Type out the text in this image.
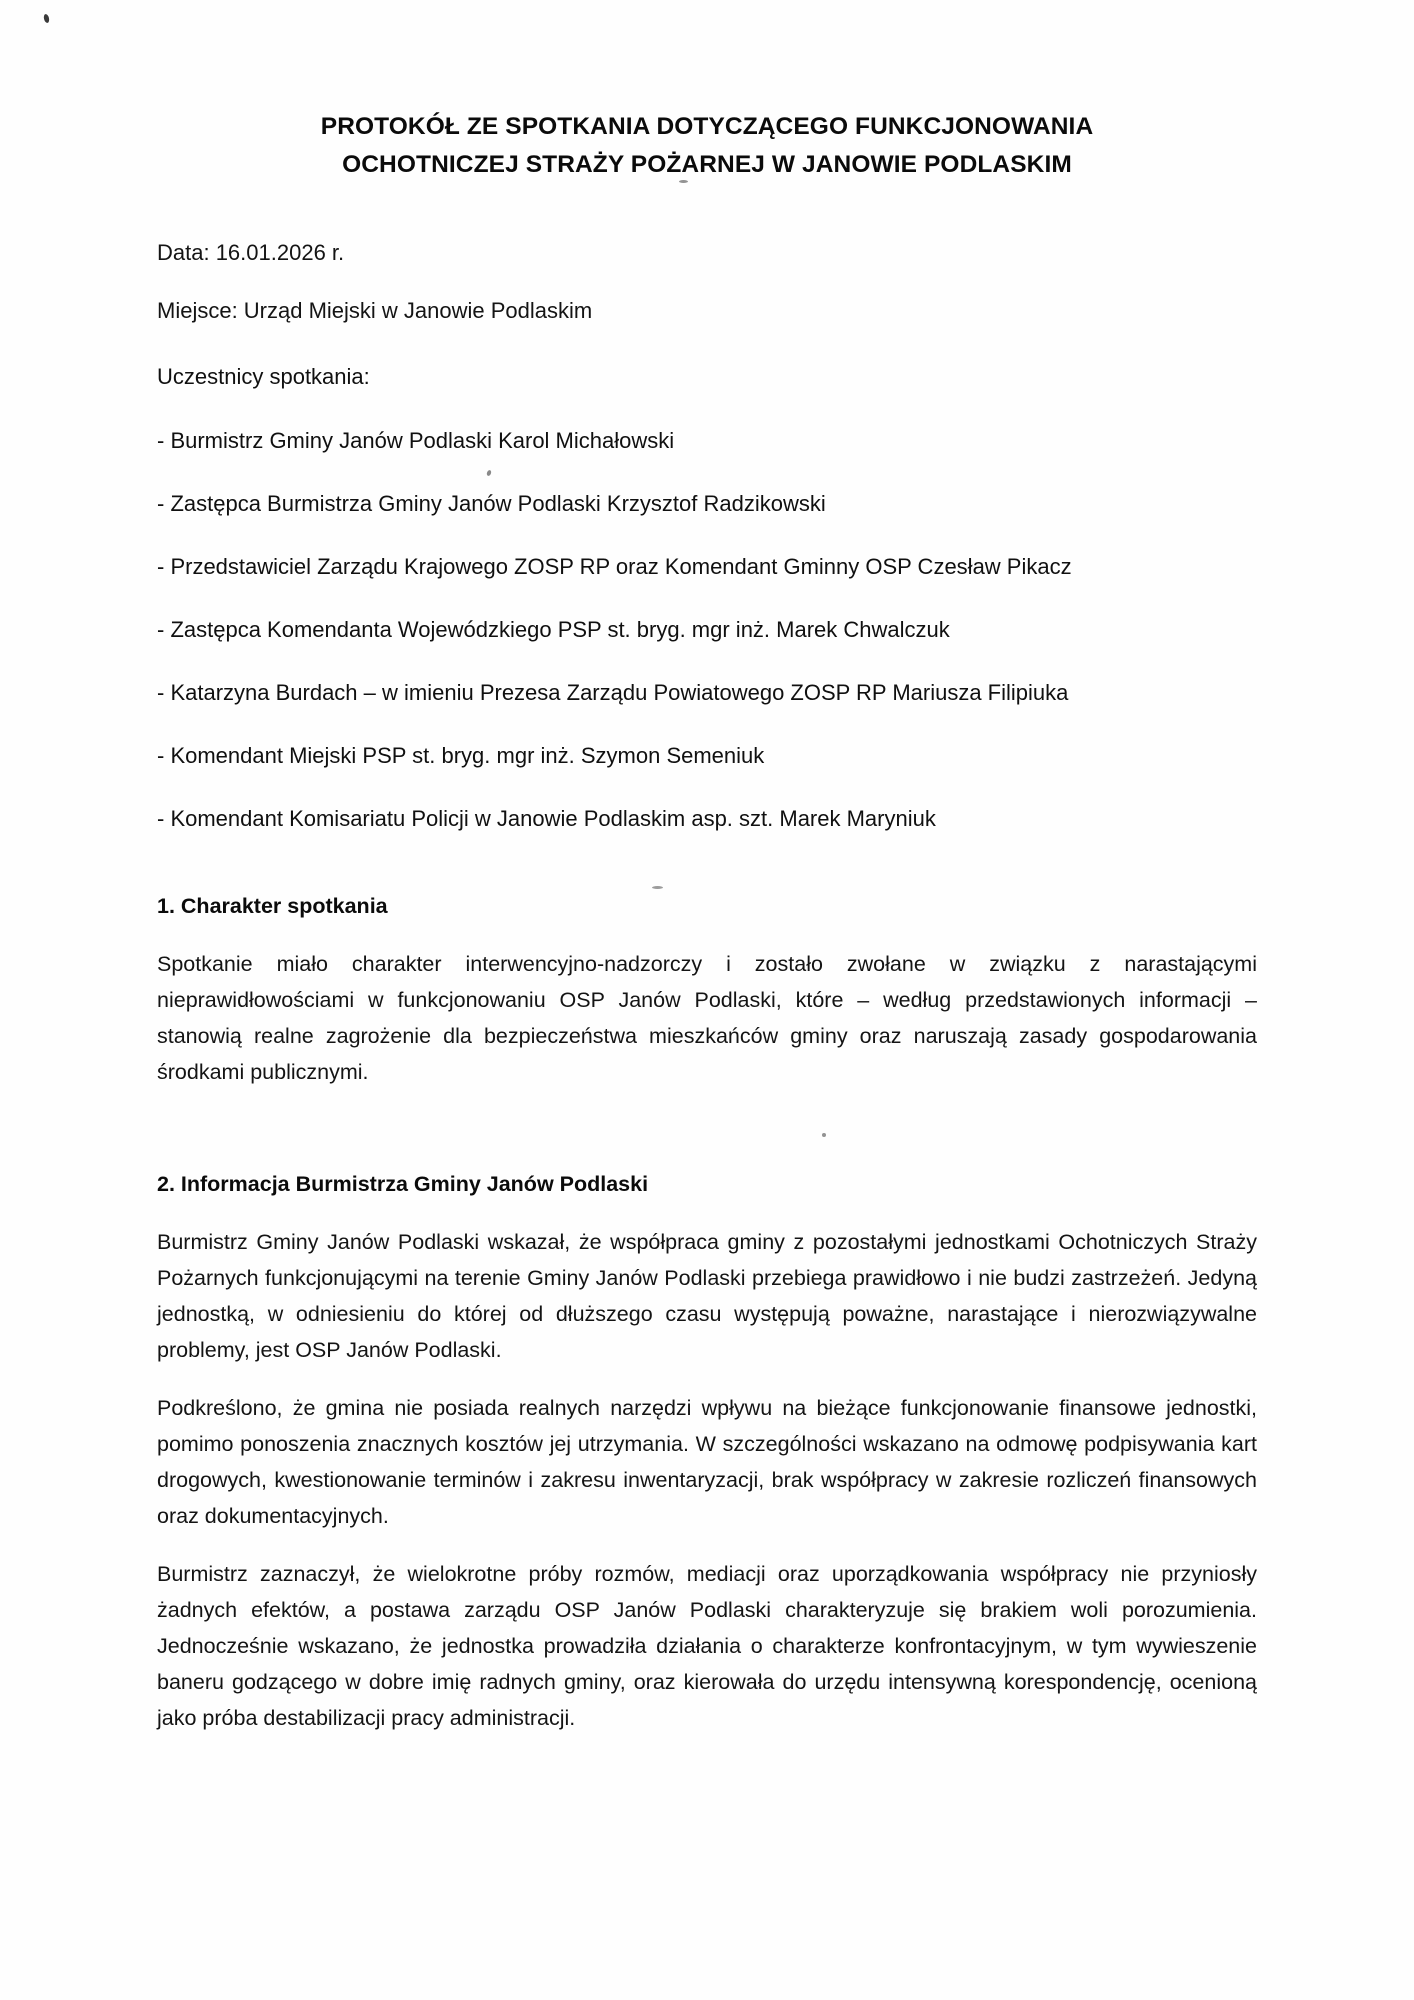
PROTOKÓŁ ZE SPOTKANIA DOTYCZĄCEGO FUNKCJONOWANIA
OCHOTNICZEJ STRAŻY POŻARNEJ W JANOWIE PODLASKIM

Data: 16.01.2026 r.

Miejsce: Urząd Miejski w Janowie Podlaskim

Uczestnicy spotkania:

- Burmistrz Gminy Janów Podlaski Karol Michałowski

- Zastępca Burmistrza Gminy Janów Podlaski Krzysztof Radzikowski

- Przedstawiciel Zarządu Krajowego ZOSP RP oraz Komendant Gminny OSP Czesław Pikacz

- Zastępca Komendanta Wojewódzkiego PSP st. bryg. mgr inż. Marek Chwalczuk

- Katarzyna Burdach – w imieniu Prezesa Zarządu Powiatowego ZOSP RP Mariusza Filipiuka

- Komendant Miejski PSP st. bryg. mgr inż. Szymon Semeniuk

- Komendant Komisariatu Policji w Janowie Podlaskim asp. szt. Marek Maryniuk

1. Charakter spotkania

Spotkanie miało charakter interwencyjno-nadzorczy i zostało zwołane w związku z narastającymi nieprawidłowościami w funkcjonowaniu OSP Janów Podlaski, które – według przedstawionych informacji – stanowią realne zagrożenie dla bezpieczeństwa mieszkańców gminy oraz naruszają zasady gospodarowania środkami publicznymi.

2. Informacja Burmistrza Gminy Janów Podlaski

Burmistrz Gminy Janów Podlaski wskazał, że współpraca gminy z pozostałymi jednostkami Ochotniczych Straży Pożarnych funkcjonującymi na terenie Gminy Janów Podlaski przebiega prawidłowo i nie budzi zastrzeżeń. Jedyną jednostką, w odniesieniu do której od dłuższego czasu występują poważne, narastające i nierozwiązywalne problemy, jest OSP Janów Podlaski.

Podkreślono, że gmina nie posiada realnych narzędzi wpływu na bieżące funkcjonowanie finansowe jednostki, pomimo ponoszenia znacznych kosztów jej utrzymania. W szczególności wskazano na odmowę podpisywania kart drogowych, kwestionowanie terminów i zakresu inwentaryzacji, brak współpracy w zakresie rozliczeń finansowych oraz dokumentacyjnych.

Burmistrz zaznaczył, że wielokrotne próby rozmów, mediacji oraz uporządkowania współpracy nie przyniosły żadnych efektów, a postawa zarządu OSP Janów Podlaski charakteryzuje się brakiem woli porozumienia. Jednocześnie wskazano, że jednostka prowadziła działania o charakterze konfrontacyjnym, w tym wywieszenie baneru godzącego w dobre imię radnych gminy, oraz kierowała do urzędu intensywną korespondencję, ocenioną jako próba destabilizacji pracy administracji.
